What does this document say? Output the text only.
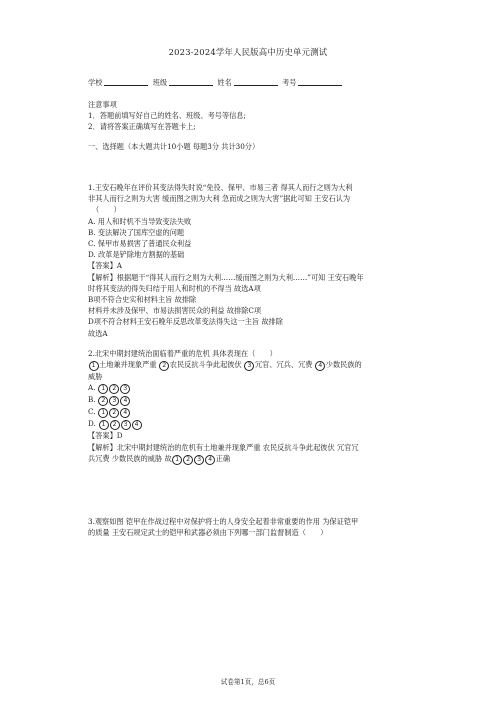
2023-2024学年人民版高中历史单元测试
学校	班级	姓名	考号

注意事项

1．答题前填写好自己的姓名、班级、考号等信息;

2．请将答案正确填写在答题卡上;

一、选择题（本大题共计10小题 每题3分 共计30分）

1.王安石晚年在评价其变法得失时说“免役、保甲、市易三者 得其人而行之则为大利

非其人而行之则为大害 缓而图之则为大利 急而成之则为大害”据此可知 王安石认为

（　　）

A. 用人和时机不当导致变法失败

B. 变法解决了国库空虚的问题

C. 保甲市易损害了普通民众利益

D. 改革是铲除地方割据的基础

【答案】A

【解析】根据题干“得其人而行之则为大利……缓而图之则为大利……”可知 王安石晚年

时将其变法的得失归结于用人和时机的不得当 故选A项

B项不符合史实和材料主旨 故排除

材料并未涉及保甲、市易法损害民众的利益 故排除C项

D项不符合材料王安石晚年反思改革变法得失这一主旨 故排除

故选A

2.北宋中期封建统治面临着严重的危机 具体表现在（　　）

1 土地兼并现象严重 2 农民反抗斗争此起彼伏 3 冗官、冗兵、冗费 4 少数民族的

威胁

A. 1 2 3

B. 2 3 4

C. 1 2 4

D. 1 2 3 4

【答案】D

【解析】北宋中期封建统治的危机有土地兼并现象严重 农民反抗斗争此起彼伏 冗官冗

兵冗费 少数民族的威胁 故 1 2 3 4 正确

3.观察如图 铠甲在作战过程中对保护将士的人身安全起着非常重要的作用 为保证铠甲

的质量 王安石规定武士的铠甲和武器必须由下列哪一部门监督制造（　　）

试卷第1页，总6页
